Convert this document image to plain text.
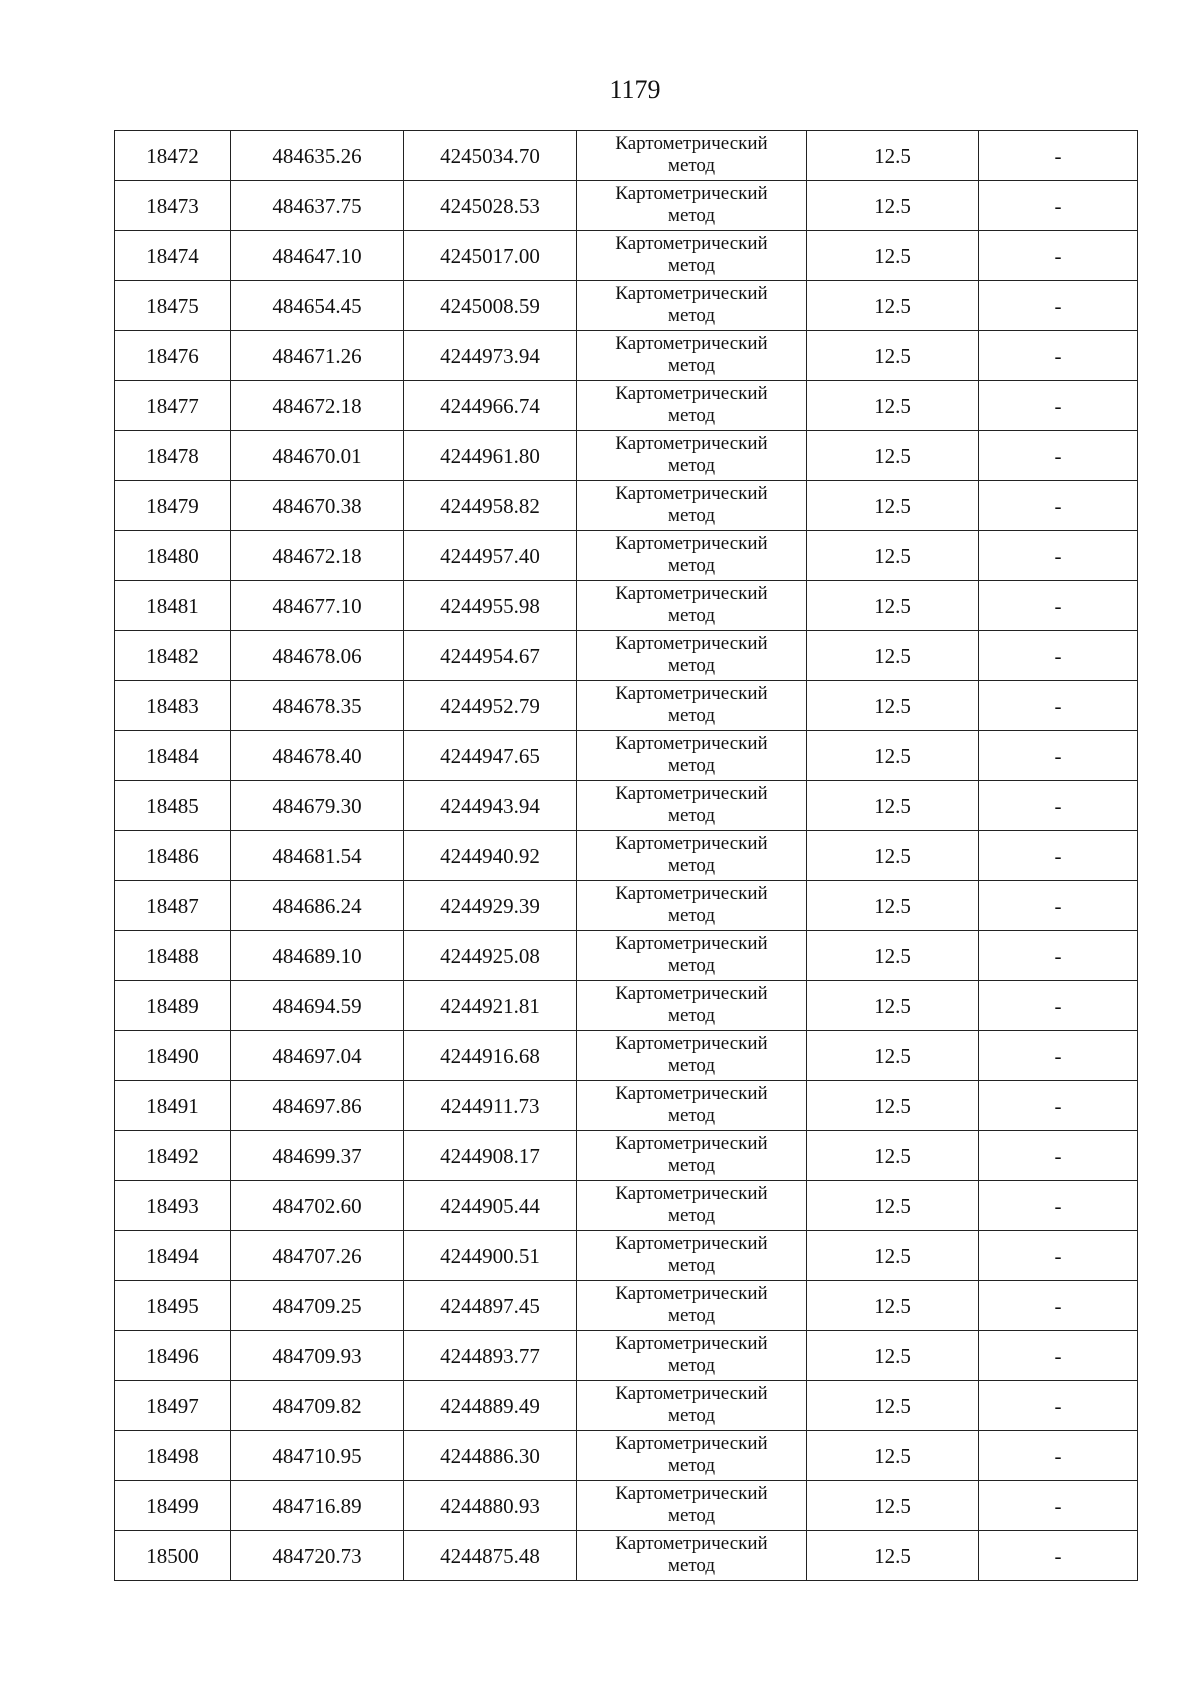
1179
18472	484635.26	4245034.70	Картометрический
метод	12.5	-
18473	484637.75	4245028.53	Картометрический
метод	12.5	-
18474	484647.10	4245017.00	Картометрический
метод	12.5	-
18475	484654.45	4245008.59	Картометрический
метод	12.5	-
18476	484671.26	4244973.94	Картометрический
метод	12.5	-
18477	484672.18	4244966.74	Картометрический
метод	12.5	-
18478	484670.01	4244961.80	Картометрический
метод	12.5	-
18479	484670.38	4244958.82	Картометрический
метод	12.5	-
18480	484672.18	4244957.40	Картометрический
метод	12.5	-
18481	484677.10	4244955.98	Картометрический
метод	12.5	-
18482	484678.06	4244954.67	Картометрический
метод	12.5	-
18483	484678.35	4244952.79	Картометрический
метод	12.5	-
18484	484678.40	4244947.65	Картометрический
метод	12.5	-
18485	484679.30	4244943.94	Картометрический
метод	12.5	-
18486	484681.54	4244940.92	Картометрический
метод	12.5	-
18487	484686.24	4244929.39	Картометрический
метод	12.5	-
18488	484689.10	4244925.08	Картометрический
метод	12.5	-
18489	484694.59	4244921.81	Картометрический
метод	12.5	-
18490	484697.04	4244916.68	Картометрический
метод	12.5	-
18491	484697.86	4244911.73	Картометрический
метод	12.5	-
18492	484699.37	4244908.17	Картометрический
метод	12.5	-
18493	484702.60	4244905.44	Картометрический
метод	12.5	-
18494	484707.26	4244900.51	Картометрический
метод	12.5	-
18495	484709.25	4244897.45	Картометрический
метод	12.5	-
18496	484709.93	4244893.77	Картометрический
метод	12.5	-
18497	484709.82	4244889.49	Картометрический
метод	12.5	-
18498	484710.95	4244886.30	Картометрический
метод	12.5	-
18499	484716.89	4244880.93	Картометрический
метод	12.5	-
18500	484720.73	4244875.48	Картометрический
метод	12.5	-
